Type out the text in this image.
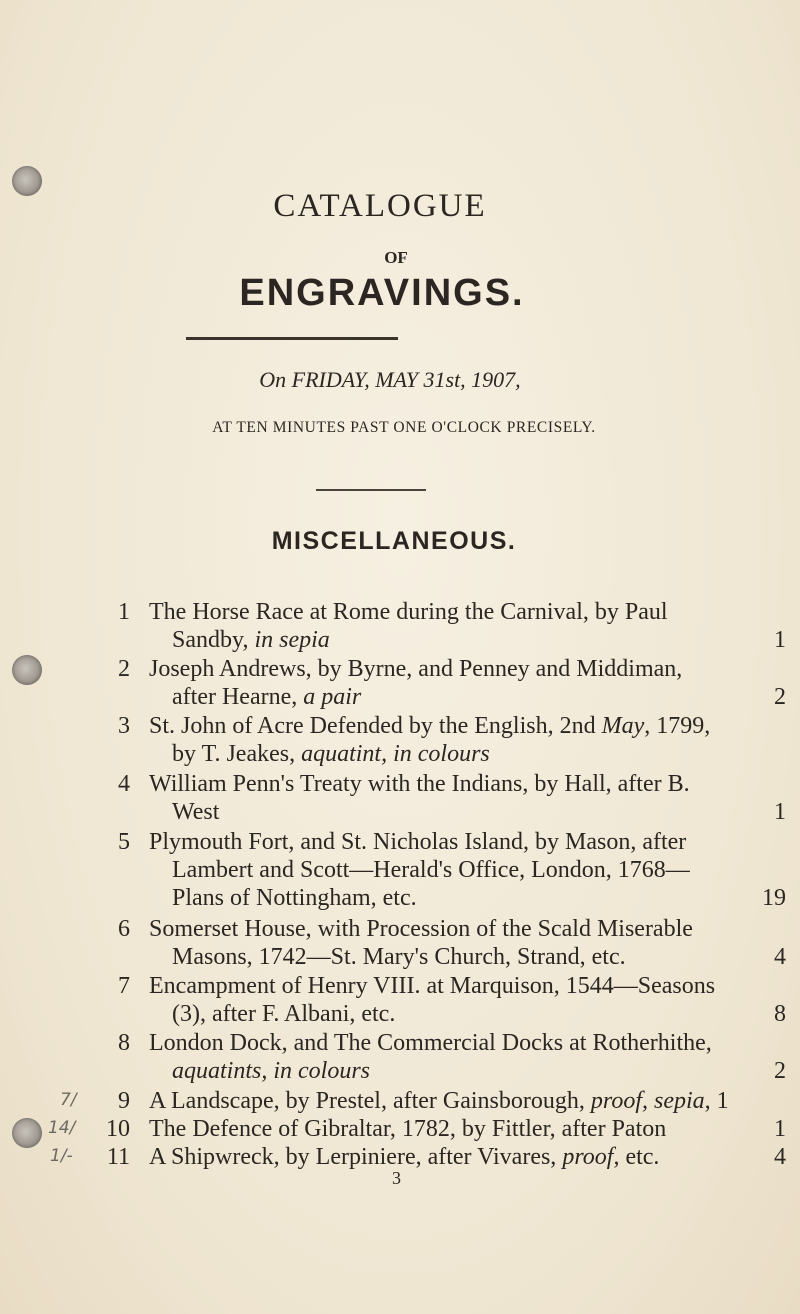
CATALOGUE
OF
ENGRAVINGS.
On FRIDAY, MAY 31st, 1907,
AT TEN MINUTES PAST ONE O'CLOCK PRECISELY.
MISCELLANEOUS.
1 The Horse Race at Rome during the Carnival, by Paul
Sandby, in sepia	1
2 Joseph Andrews, by Byrne, and Penney and Middiman,
after Hearne, a pair	2
3 St. John of Acre Defended by the English, 2nd May, 1799,
by T. Jeakes, aquatint, in colours
4 William Penn's Treaty with the Indians, by Hall, after B.
West	1
5 Plymouth Fort, and St. Nicholas Island, by Mason, after
Lambert and Scott—Herald's Office, London, 1768—
Plans of Nottingham, etc.	19
6 Somerset House, with Procession of the Scald Miserable
Masons, 1742—St. Mary's Church, Strand, etc.	4
7 Encampment of Henry VIII. at Marquison, 1544—Seasons
(3), after F. Albani, etc.	8
8 London Dock, and The Commercial Docks at Rotherhithe,
aquatints, in colours	2
9 A Landscape, by Prestel, after Gainsborough, proof, sepia, 1
10 The Defence of Gibraltar, 1782, by Fittler, after Paton	1
11 A Shipwreck, by Lerpiniere, after Vivares, proof, etc.	4
7/
14/
1/-
3
